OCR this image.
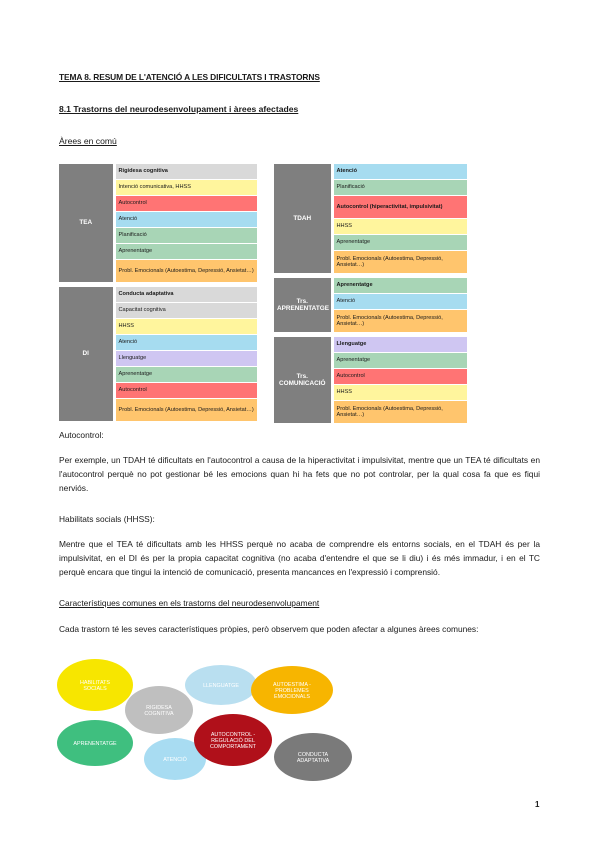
TEMA 8. RESUM DE L'ATENCIÓ A LES DIFICULTATS I TRASTORNS
8.1 Trastorns del neurodesenvolupament i àrees afectades
Àrees en comú
TEA	Rigidesa cognitiva
	Intenció comunicativa, HHSS
	Autocontrol
	Atenció
	Planificació
	Aprenentatge
	Probl. Emocionals (Autoestima, Depressió, Ansietat…)

DI	Conducta adaptativa
	Capacitat cognitiva
	HHSS
	Atenció
	Llenguatge
	Aprenentatge
	Autocontrol
	Probl. Emocionals (Autoestima, Depressió, Ansietat…)
TDAH	Atenció
	Planificació
	Autocontrol (hiperactivitat, impulsivitat)
	HHSS
	Aprenentatge
	Probl. Emocionals (Autoestima, Depressió, Ansietat…)

Trs. APRENENTATGE	Aprenentatge
	Atenció
	Probl. Emocionals (Autoestima, Depressió, Ansietat…)

Trs. COMUNICACIÓ	Llenguatge
	Aprenentatge
	Autocontrol
	HHSS
	Probl. Emocionals (Autoestima, Depressió, Ansietat…)
Autocontrol:
Per exemple, un TDAH té dificultats en l'autocontrol a causa de la hiperactivitat i impulsivitat, mentre que un TEA té dificultats en l'autocontrol perquè no pot gestionar bé les emocions quan hi ha fets que no pot controlar, per la qual cosa fa que es fiqui nerviós.
Habilitats socials (HHSS):
Mentre que el TEA té dificultats amb les HHSS perquè no acaba de comprendre els entorns socials, en el TDAH és per la impulsivitat, en el DI és per la propia capacitat cognitiva (no acaba d'entendre el que se li diu) i és més immadur, i en el TC perquè encara que tingui la intenció de comunicació, presenta mancances en l'expressió i comprensió.
Característiques comunes en els trastorns del neurodesenvolupament
Cada trastorn té les seves característiques pròpies, però observem que poden afectar a algunes àrees comunes:
HABILITATS
SOCIALS
RIGIDESA
COGNITIVA
LLENGUATGE	AUTOESTIMA -
PROBLEMES
EMOCIONALS
APRENENTATGE
ATENCIÓ
AUTOCONTROL -
REGULACIÓ DEL
COMPORTAMENT
CONDUCTA
ADAPTATIVA
1
